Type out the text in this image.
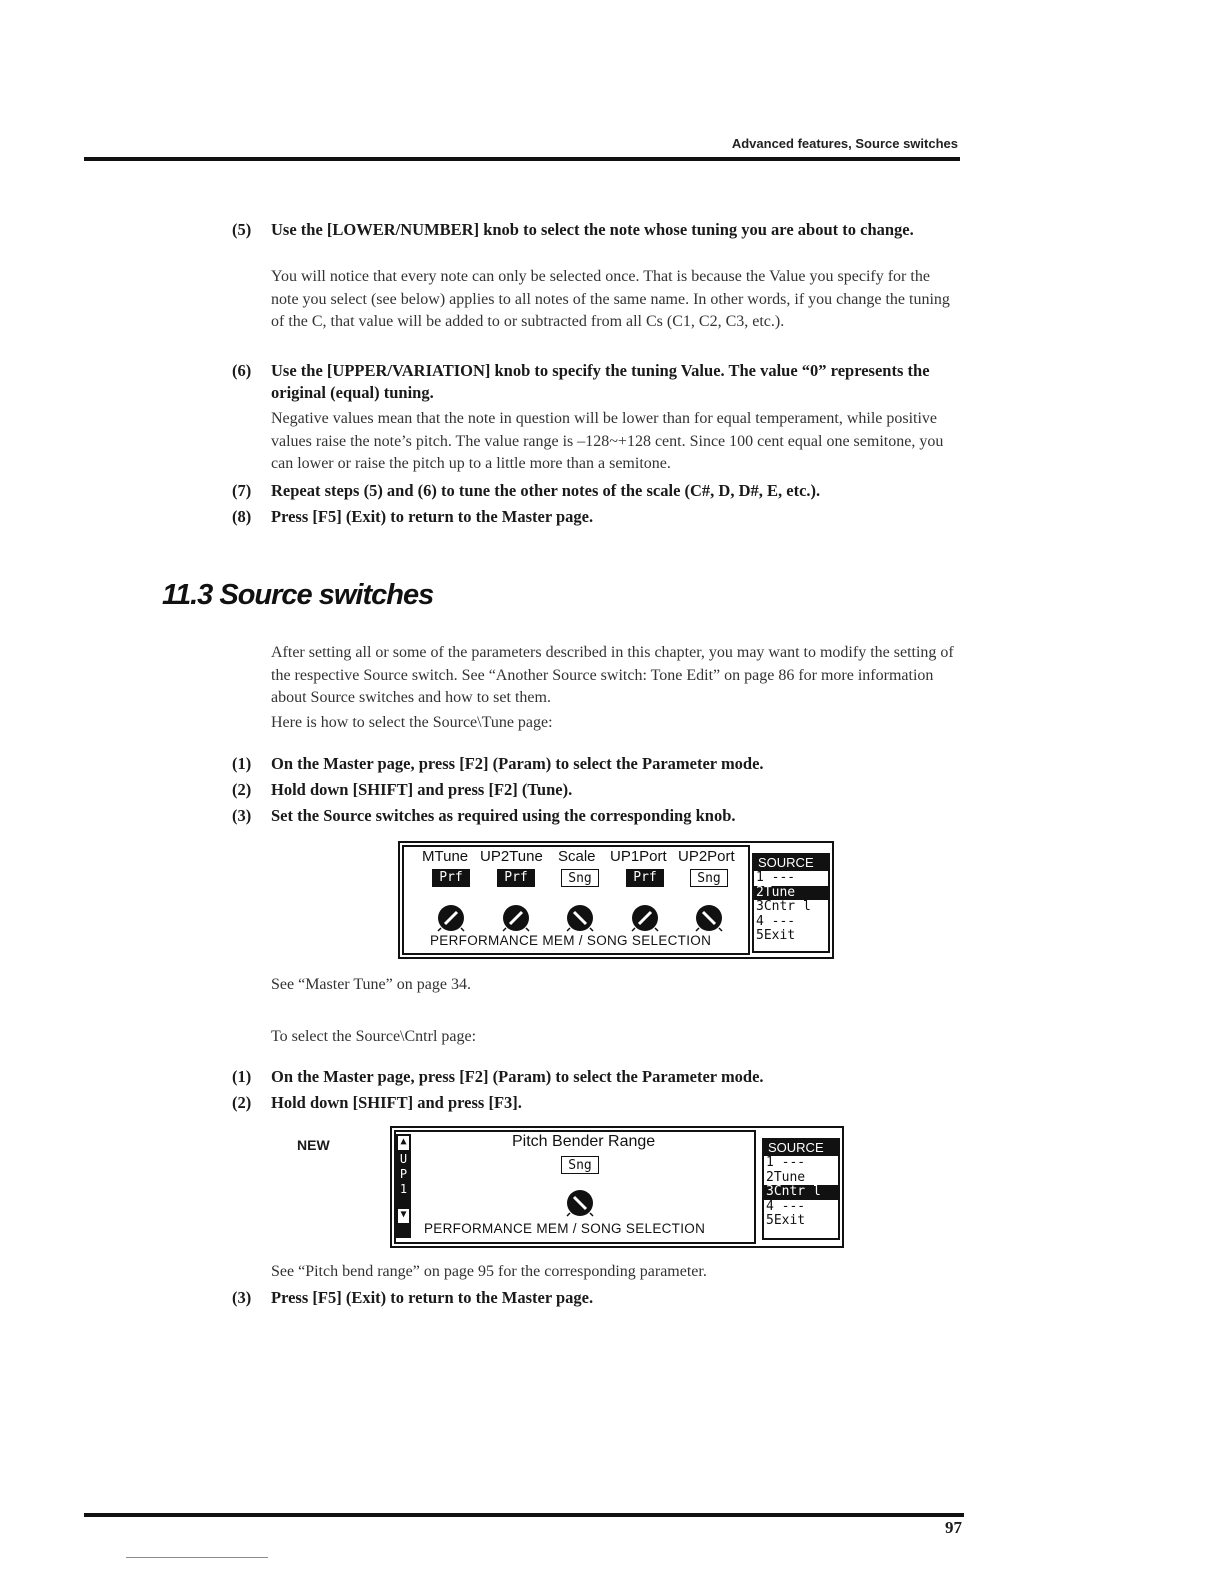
Advanced features, Source switches
(5) Use the [LOWER/NUMBER] knob to select the note whose tuning you are about to change.
You will notice that every note can only be selected once. That is because the Value you specify for the note you select (see below) applies to all notes of the same name. In other words, if you change the tuning of the C, that value will be added to or subtracted from all Cs (C1, C2, C3, etc.).
(6) Use the [UPPER/VARIATION] knob to specify the tuning Value. The value “0” represents the original (equal) tuning.
Negative values mean that the note in question will be lower than for equal temperament, while positive values raise the note’s pitch. The value range is –128~+128 cent. Since 100 cent equal one semitone, you can lower or raise the pitch up to a little more than a semitone.
(7) Repeat steps (5) and (6) to tune the other notes of the scale (C#, D, D#, E, etc.).
(8) Press [F5] (Exit) to return to the Master page.
11.3 Source switches
After setting all or some of the parameters described in this chapter, you may want to modify the setting of the respective Source switch. See “Another Source switch: Tone Edit” on page 86 for more information about Source switches and how to set them.
Here is how to select the Source\Tune page:
(1) On the Master page, press [F2] (Param) to select the Parameter mode.
(2) Hold down [SHIFT] and press [F2] (Tune).
(3) Set the Source switches as required using the corresponding knob.
MTune UP2Tune Scale UP1Port UP2Port
Prf	Prf	Sng	Prf	Sng
PERFORMANCE MEM / SONG SELECTION
SOURCE
1 ---
2Tune
3Cntr l
4 ---
5Exit
See “Master Tune” on page 34.
To select the Source\Cntrl page:
(1) On the Master page, press [F2] (Param) to select the Parameter mode.
(2) Hold down [SHIFT] and press [F3].
NEW	▲
U
P
1
▼
Pitch Bender Range
Sng
PERFORMANCE MEM / SONG SELECTION
SOURCE
1 ---
2Tune
3Cntr l
4 ---
5Exit
See “Pitch bend range” on page 95 for the corresponding parameter.
(3) Press [F5] (Exit) to return to the Master page.
97
